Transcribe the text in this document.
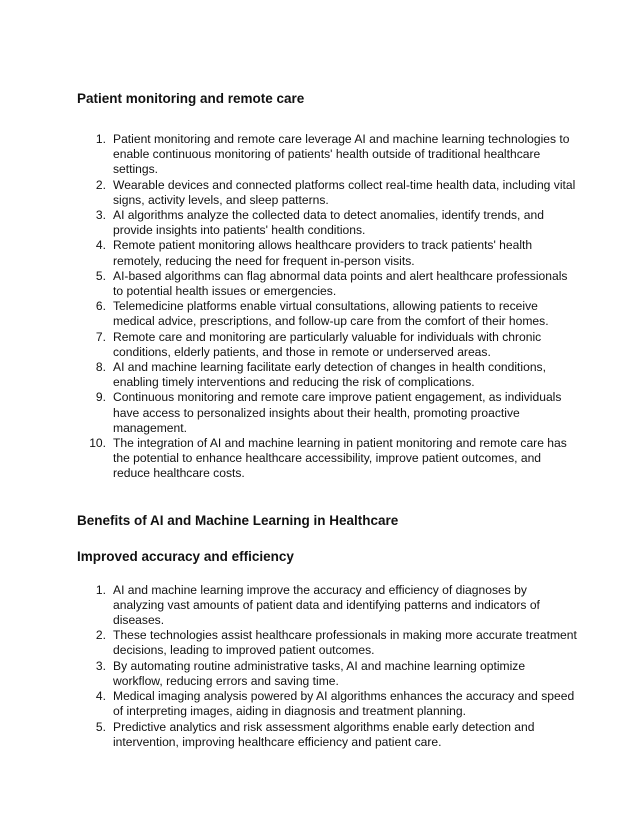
Patient monitoring and remote care
1. Patient monitoring and remote care leverage AI and machine learning technologies to enable continuous monitoring of patients' health outside of traditional healthcare settings.
2. Wearable devices and connected platforms collect real-time health data, including vital signs, activity levels, and sleep patterns.
3. AI algorithms analyze the collected data to detect anomalies, identify trends, and provide insights into patients' health conditions.
4. Remote patient monitoring allows healthcare providers to track patients' health remotely, reducing the need for frequent in-person visits.
5. AI-based algorithms can flag abnormal data points and alert healthcare professionals to potential health issues or emergencies.
6. Telemedicine platforms enable virtual consultations, allowing patients to receive medical advice, prescriptions, and follow-up care from the comfort of their homes.
7. Remote care and monitoring are particularly valuable for individuals with chronic conditions, elderly patients, and those in remote or underserved areas.
8. AI and machine learning facilitate early detection of changes in health conditions, enabling timely interventions and reducing the risk of complications.
9. Continuous monitoring and remote care improve patient engagement, as individuals have access to personalized insights about their health, promoting proactive management.
10. The integration of AI and machine learning in patient monitoring and remote care has the potential to enhance healthcare accessibility, improve patient outcomes, and reduce healthcare costs.
Benefits of AI and Machine Learning in Healthcare
Improved accuracy and efficiency
1. AI and machine learning improve the accuracy and efficiency of diagnoses by analyzing vast amounts of patient data and identifying patterns and indicators of diseases.
2. These technologies assist healthcare professionals in making more accurate treatment decisions, leading to improved patient outcomes.
3. By automating routine administrative tasks, AI and machine learning optimize workflow, reducing errors and saving time.
4. Medical imaging analysis powered by AI algorithms enhances the accuracy and speed of interpreting images, aiding in diagnosis and treatment planning.
5. Predictive analytics and risk assessment algorithms enable early detection and intervention, improving healthcare efficiency and patient care.
